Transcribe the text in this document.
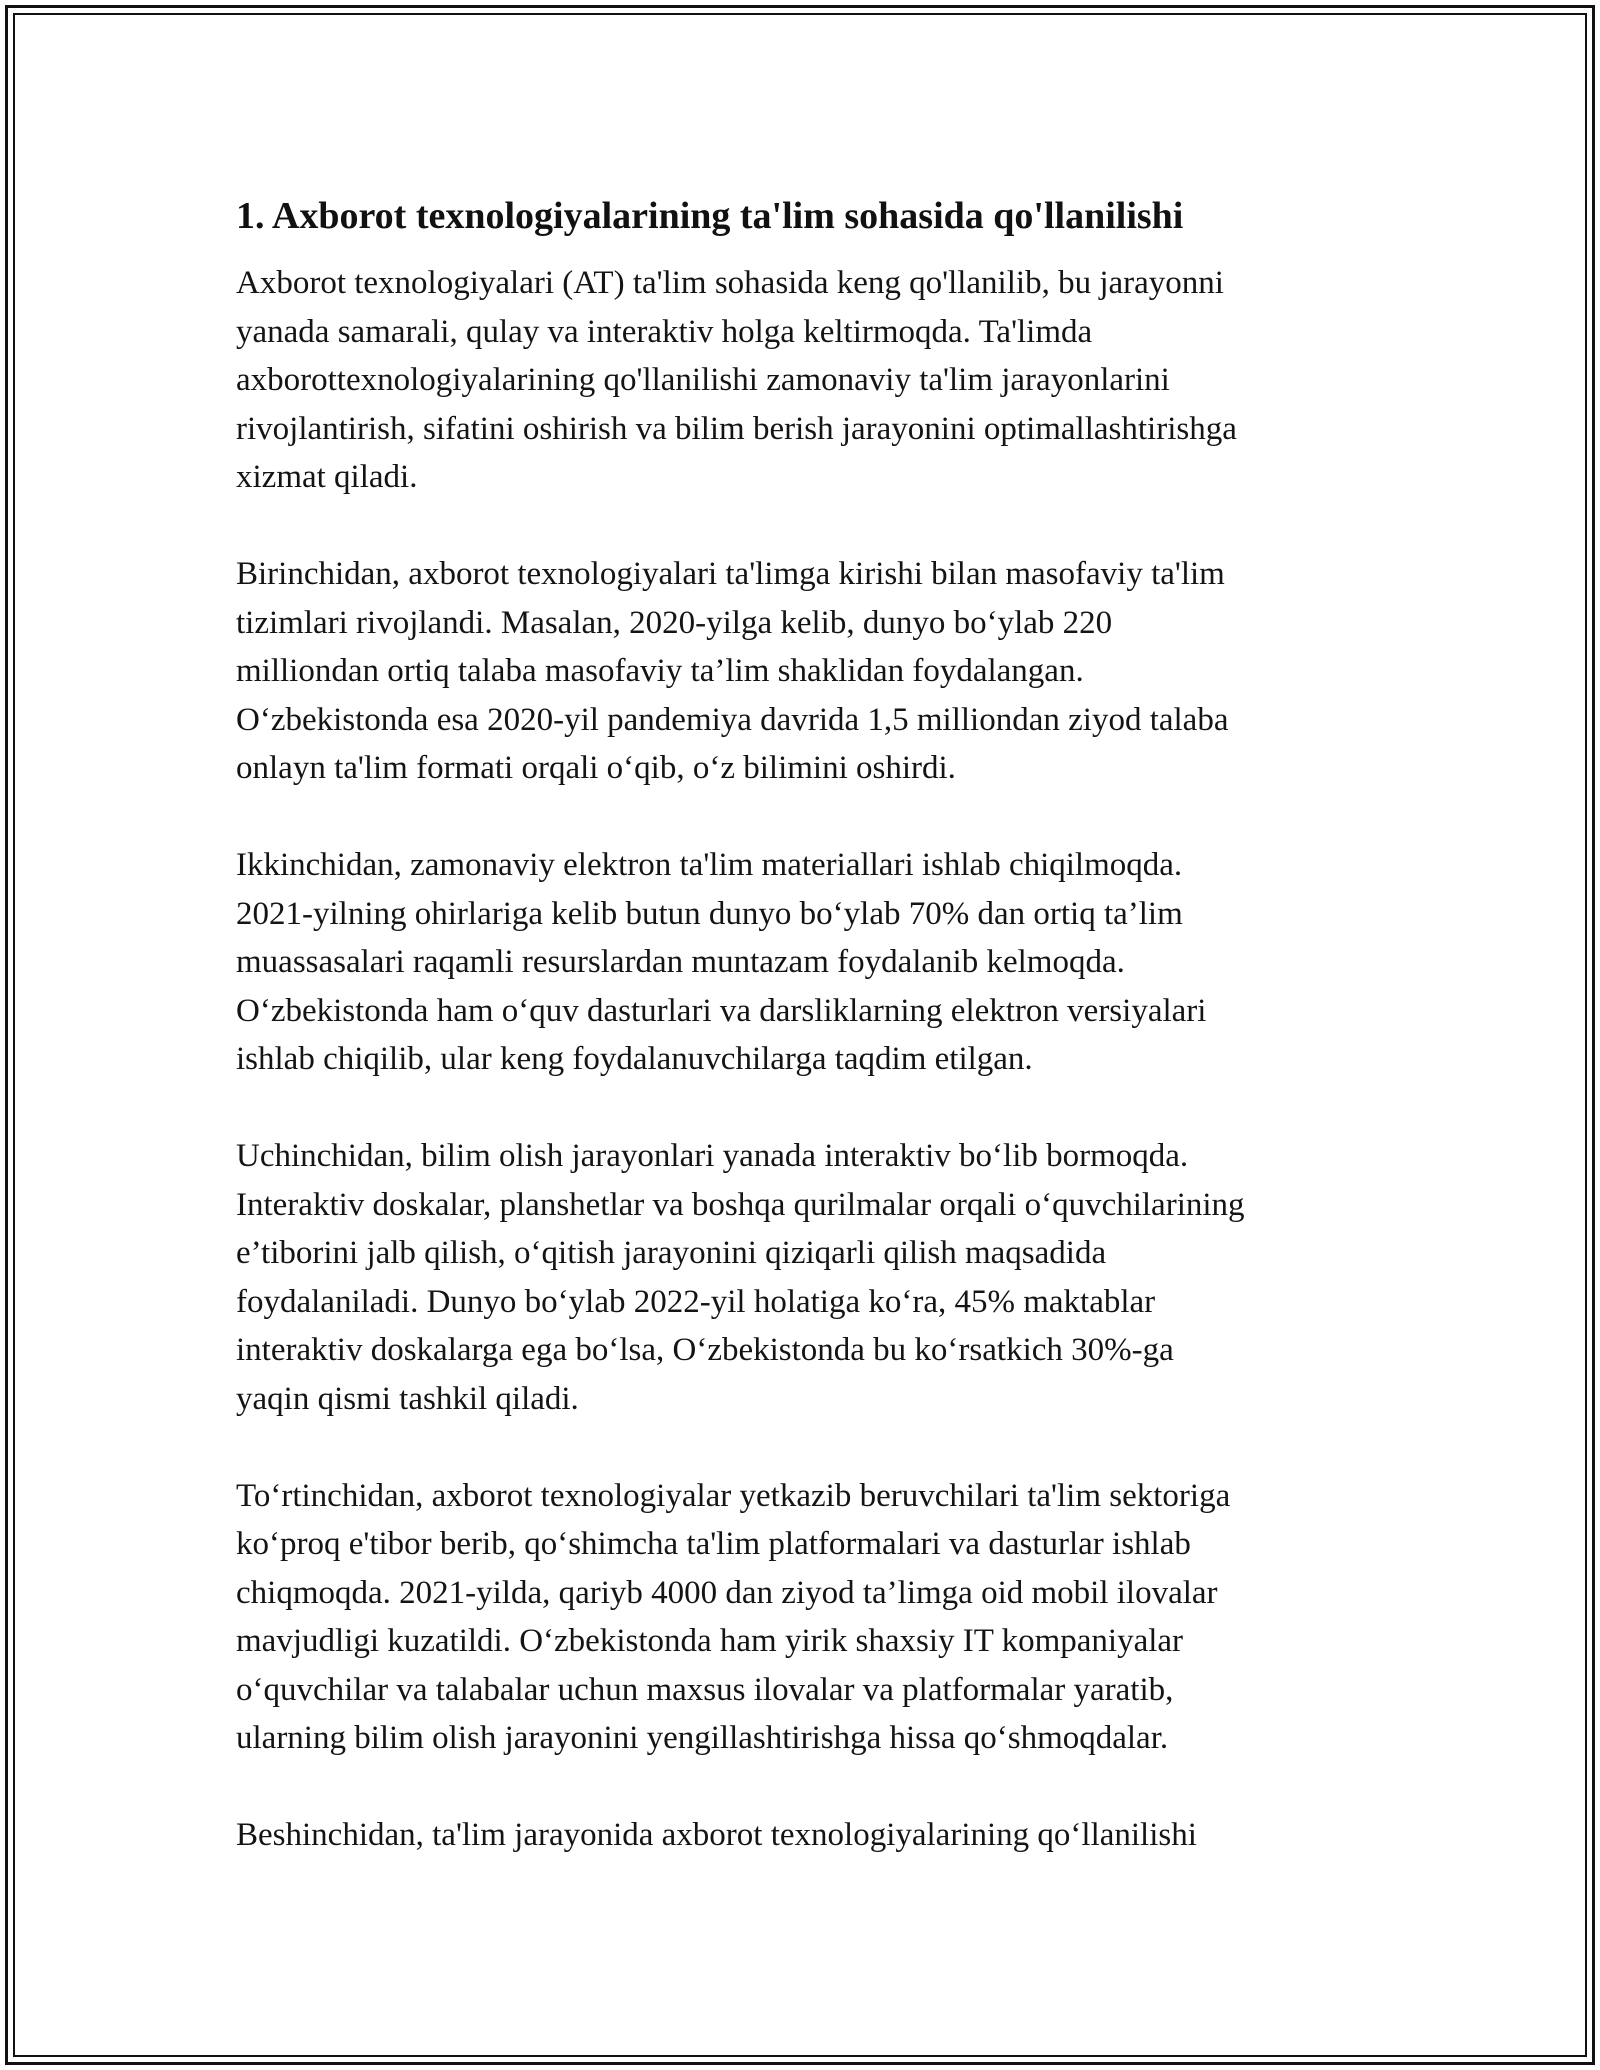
1. Axborot texnologiyalarining ta'lim sohasida qo'llanilishi

Axborot texnologiyalari (AT) ta'lim sohasida keng qo'llanilib, bu jarayonni
yanada samarali, qulay va interaktiv holga keltirmoqda. Ta'limda
axborottexnologiyalarining qo'llanilishi zamonaviy ta'lim jarayonlarini
rivojlantirish, sifatini oshirish va bilim berish jarayonini optimallashtirishga
xizmat qiladi.

Birinchidan, axborot texnologiyalari ta'limga kirishi bilan masofaviy ta'lim
tizimlari rivojlandi. Masalan, 2020-yilga kelib, dunyo bo‘ylab 220
milliondan ortiq talaba masofaviy ta’lim shaklidan foydalangan.
O‘zbekistonda esa 2020-yil pandemiya davrida 1,5 milliondan ziyod talaba
onlayn ta'lim formati orqali o‘qib, o‘z bilimini oshirdi.

Ikkinchidan, zamonaviy elektron ta'lim materiallari ishlab chiqilmoqda.
2021-yilning ohirlariga kelib butun dunyo bo‘ylab 70% dan ortiq ta’lim
muassasalari raqamli resurslardan muntazam foydalanib kelmoqda.
O‘zbekistonda ham o‘quv dasturlari va darsliklarning elektron versiyalari
ishlab chiqilib, ular keng foydalanuvchilarga taqdim etilgan.

Uchinchidan, bilim olish jarayonlari yanada interaktiv bo‘lib bormoqda.
Interaktiv doskalar, planshetlar va boshqa qurilmalar orqali o‘quvchilarining
e’tiborini jalb qilish, o‘qitish jarayonini qiziqarli qilish maqsadida
foydalaniladi. Dunyo bo‘ylab 2022-yil holatiga ko‘ra, 45% maktablar
interaktiv doskalarga ega bo‘lsa, O‘zbekistonda bu ko‘rsatkich 30%-ga
yaqin qismi tashkil qiladi.

To‘rtinchidan, axborot texnologiyalar yetkazib beruvchilari ta'lim sektoriga
ko‘proq e'tibor berib, qo‘shimcha ta'lim platformalari va dasturlar ishlab
chiqmoqda. 2021-yilda, qariyb 4000 dan ziyod ta’limga oid mobil ilovalar
mavjudligi kuzatildi. O‘zbekistonda ham yirik shaxsiy IT kompaniyalar
o‘quvchilar va talabalar uchun maxsus ilovalar va platformalar yaratib,
ularning bilim olish jarayonini yengillashtirishga hissa qo‘shmoqdalar.

Beshinchidan, ta'lim jarayonida axborot texnologiyalarining qo‘llanilishi
